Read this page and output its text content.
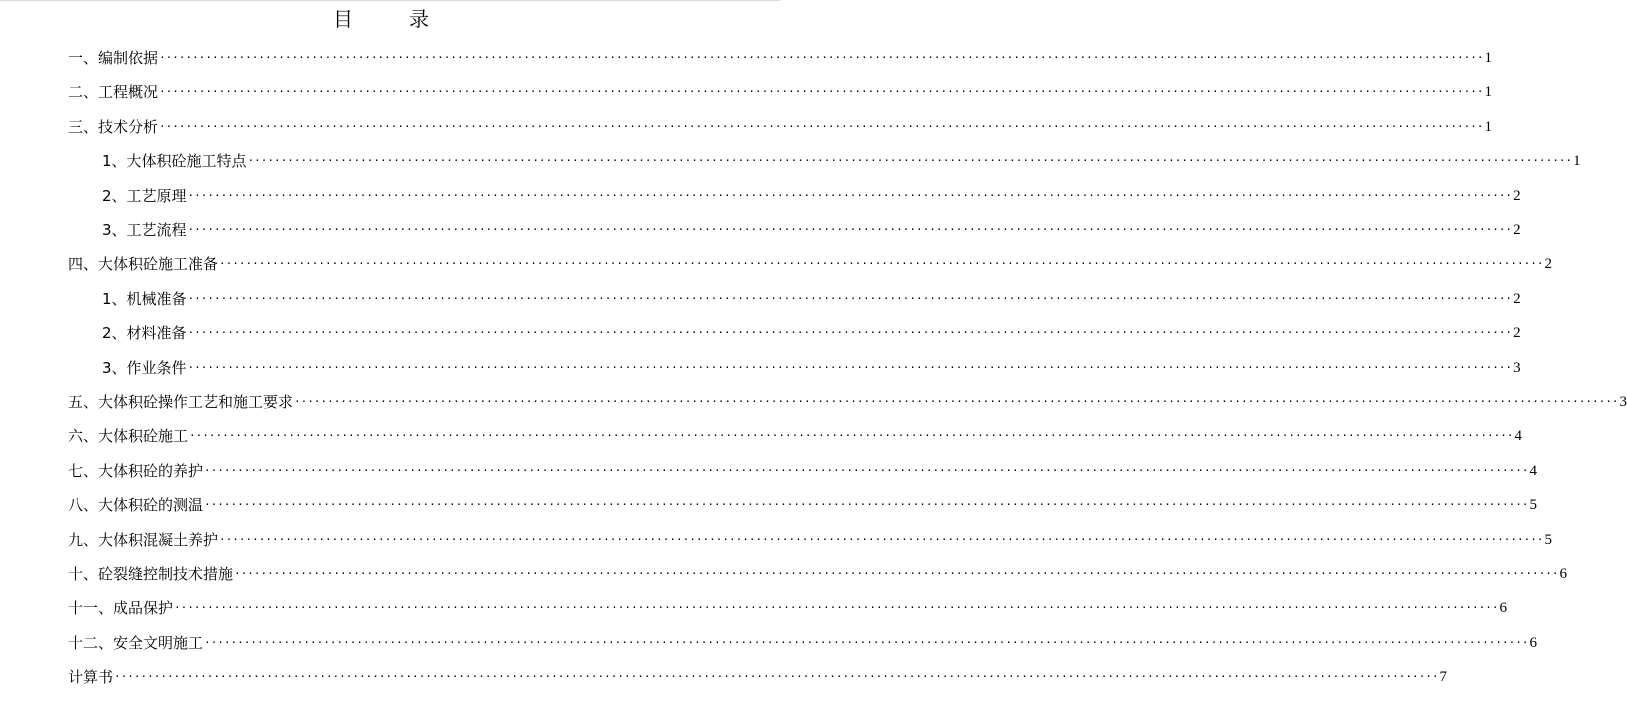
目　录
一、编制依据 ········································································································································································································ 1
二、工程概况 ········································································································································································································ 1
三、技术分析 ········································································································································································································ 1
1、大体积砼施工特点 ········································································································································································································ 1
2、工艺原理 ········································································································································································································ 2
3、工艺流程 ········································································································································································································ 2
四、大体积砼施工准备 ········································································································································································································ 2
1、机械准备 ········································································································································································································ 2
2、材料准备 ········································································································································································································ 2
3、作业条件 ········································································································································································································ 3
五、大体积砼操作工艺和施工要求 ········································································································································································································ 3
六、大体积砼施工 ········································································································································································································ 4
七、大体积砼的养护 ········································································································································································································ 4
八、大体积砼的测温 ········································································································································································································ 5
九、大体积混凝土养护 ········································································································································································································ 5
十、砼裂缝控制技术措施 ········································································································································································································ 6
十一、成品保护 ········································································································································································································ 6
十二、安全文明施工 ········································································································································································································ 6
计算书 ········································································································································································································ 7
